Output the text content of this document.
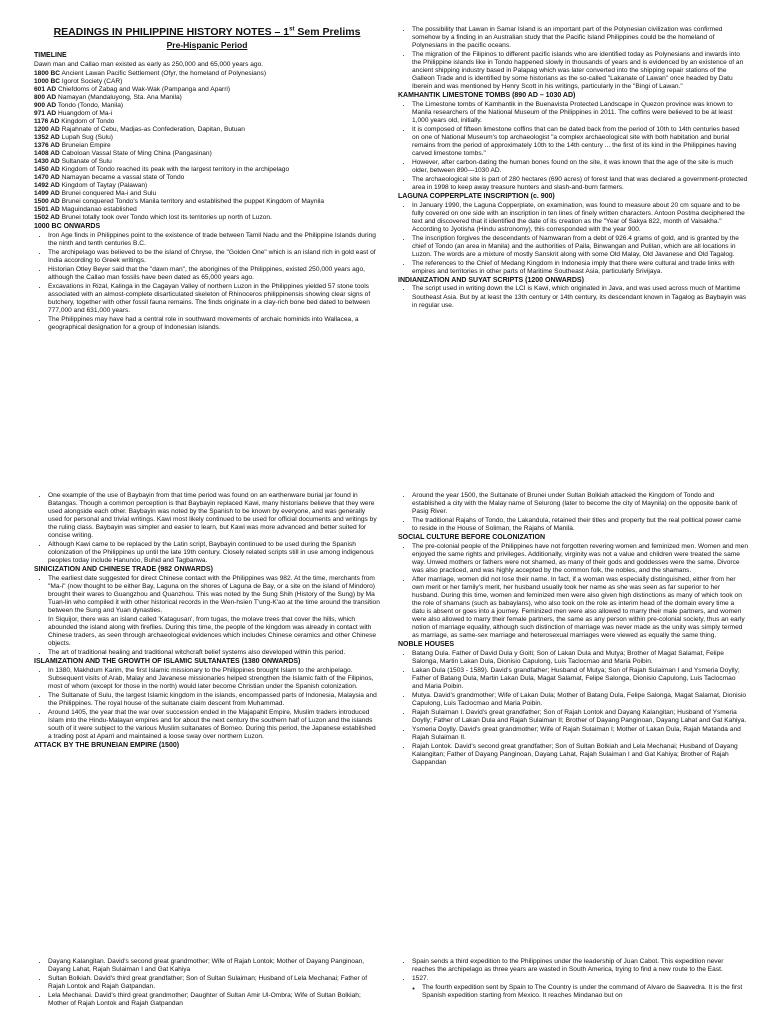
READINGS IN PHILIPPINE HISTORY NOTES – 1st Sem Prelims
Pre-Hispanic Period
TIMELINE

Dawn man and Callao man existed as early as 250,000 and 65,000 years ago.

1800 BC Ancient Lawan Pacific Settlement (Ofyr, the homeland of Polynesians)
1000 BC Igorot Society (CAR)
601 AD Chiefdoms of Zabag and Wak-Wak (Pampanga and Aparri)
800 AD Namayan (Mandaluyong, Sta. Ana Manila)
900 AD Tondo (Tondo, Manila)
971 AD Huangdom of Ma-i
1176 AD Kingdom of Tondo
1200 AD Rajahnate of Cebu, Madjas-as Confederation, Dapitan, Butuan
1352 AD Lupah Sug (Sulu)
1376 AD Bruneian Empire
1408 AD Caboloan Vassal State of Ming China (Pangasinan)
1430 AD Sultanate of Sulu
1450 AD Kingdom of Tondo reached its peak with the largest territory in the archipelago
1470 AD Namayan became a vassal state of Tondo
1492 AD Kingdom of Taytay (Palawan)
1499 AD Brunei conquered Ma-i and Sulu
1500 AD Brunei conquered Tondo's Manila territory and established the puppet Kingdom of Maynila
1501 AD Maguindanao established
1502 AD Brunei totally took over Tondo which lost its territories up north of Luzon.
1000 BC ONWARDS
• Iron Age finds in Philippines point to the existence of trade between Tamil Nadu and the Philippine Islands during the ninth and tenth centuries B.C.
• The archipelago was believed to be the island of Chryse, the "Golden One" which is an island rich in gold east of India according to Greek writings.
• Historian Otley Beyer said that the "dawn man", the aborigines of the Philippines, existed 250,000 years ago, although the Callao man fossils have been dated as 65,000 years ago.
• Excavations in Rizal, Kalinga in the Cagayan Valley of northern Luzon in the Philippines yielded 57 stone tools associated with an almost-complete disarticulated skeleton of Rhinoceros philippinensis showing clear signs of butchery, together with other fossil fauna remains. The finds originate in a clay-rich bone bed dated to between 777,000 and 631,000 years.
• The Philippines may have had a central role in southward movements of archaic hominids into Wallacea, a geographical designation for a group of Indonesian islands.
• The possibility that Lawan in Samar Island is an important part of the Polynesian civilization was confirmed somehow by a finding in an Australian study that the Pacific Island Philippines could be the homeland of Polynesians in the pacific oceans.
• The migration of the Filipinos to different pacific islands who are identified today as Polynesians and inwards into the Philippine islands like in Tondo happened slowly in thousands of years and is evidenced by an existence of an ancient shipping industry based in Palapag which was later converted into the shipping repair stations of the Galleon Trade and is identified by some historians as the so-called "Lakanate of Lawan" once headed by Datu Iberein and was mentioned by Henry Scott in his writings, particularly in the "Bingi of Lawan."
KAMHANTIK LIMESTONE TOMBS (890 AD – 1030 AD)
• The Limestone tombs of Kamhantik in the Buenavista Protected Landscape in Quezon province was known to Manila researchers of the National Museum of the Philippines in 2011. The coffins were believed to be at least 1,000 years old, initially.
• It is composed of fifteen limestone coffins that can be dated back from the period of 10th to 14th centuries based on one of National Museum's top archaeologist "a complex archaeological site with both habitation and burial remains from the period of approximately 10th to the 14th century ... the first of its kind in the Philippines having carved limestone tombs."
• However, after carbon-dating the human bones found on the site, it was known that the age of the site is much older, between 890—1030 AD.
• The archaeological site is part of 280 hectares (690 acres) of forest land that was declared a government-protected area in 1998 to keep away treasure hunters and slash-and-burn farmers.
LAGUNA COPPERPLATE INSCRIPTION (c. 900)
• In January 1990, the Laguna Copperplate, on examination, was found to measure about 20 cm square and to be fully covered on one side with an inscription in ten lines of finely written characters. Antoon Postma deciphered the text and discovered that it identified the date of its creation as the "Year of Sakya 822, month of Vaisakha." According to Jyotisha (Hindu astronomy), this corresponded with the year 900.
• The inscription forgives the descendants of Namwaran from a debt of 926.4 grams of gold, and is granted by the chief of Tondo (an area in Manila) and the authorities of Paila, Binwangan and Pulilan, which are all locations in Luzon. The words are a mixture of mostly Sanskrit along with some Old Malay, Old Javanese and Old Tagalog.
• The references to the Chief of Medang Kingdom in Indonesia imply that there were cultural and trade links with empires and territories in other parts of Maritime Southeast Asia, particularly Srivijaya.
INDIANIZATION AND SUYAT SCRIPTS (1200 ONWARDS)
• The script used in writing down the LCI is Kawi, which originated in Java, and was used across much of Maritime Southeast Asia. But by at least the 13th century or 14th century, its descendant known in Tagalog as Baybayin was in regular use.
• One example of the use of Baybayin from that time period was found on an earthenware burial jar found in Batangas. Though a common perception is that Baybayin replaced Kawi, many historians believe that they were used alongside each other. Baybayin was noted by the Spanish to be known by everyone, and was generally used for personal and trivial writings. Kawi most likely continued to be used for official documents and writings by the ruling class. Baybayin was simpler and easier to learn, but Kawi was more advanced and better suited for concise writing.
• Although Kawi came to be replaced by the Latin script, Baybayin continued to be used during the Spanish colonization of the Philippines up until the late 19th century. Closely related scripts still in use among indigenous peoples today include Hanunóo, Buhid and Tagbanwa.
SINICIZATION AND CHINESE TRADE (982 ONWARDS)
• The earliest date suggested for direct Chinese contact with the Philippines was 982. At the time, merchants from "Ma-i" (now thought to be either Bay, Laguna on the shores of Laguna de Bay, or a site on the island of Mindoro) brought their wares to Guangzhou and Quanzhou. This was noted by the Sung Shih (History of the Sung) by Ma Tuan-lin who compiled it with other historical records in the Wen-hsien T'ung-K'ao at the time around the transition between the Sung and Yuan dynasties.
• In Siquijor, there was an island called 'Katagusan', from tugas, the molave trees that cover the hills, which abounded the island along with fireflies. During this time, the people of the kingdom was already in contact with Chinese traders, as seen through archaeological evidences which includes Chinese ceramics and other Chinese objects.
• The art of traditional healing and traditional witchcraft belief systems also developed within this period.
ISLAMIZATION AND THE GROWTH OF ISLAMIC SULTANATES (1380 ONWARDS)
• In 1380, Makhdum Karim, the first Islamic missionary to the Philippines brought Islam to the archipelago. Subsequent visits of Arab, Malay and Javanese missionaries helped strengthen the Islamic faith of the Filipinos, most of whom (except for those in the north) would later become Christian under the Spanish colonization.
• The Sultanate of Sulu, the largest Islamic kingdom in the islands, encompassed parts of Indonesia, Malaysia and the Philippines. The royal house of the sultanate claim descent from Muhammad.
• Around 1405, the year that the war over succession ended in the Majapahit Empire, Muslim traders introduced Islam into the Hindu-Malayan empires and for about the next century the southern half of Luzon and the islands south of it were subject to the various Muslim sultanates of Borneo. During this period, the Japanese established a trading post at Aparri and maintained a loose sway over northern Luzon.
ATTACK BY THE BRUNEIAN EMPIRE (1500)
• Around the year 1500, the Sultanate of Brunei under Sultan Bolkiah attacked the Kingdom of Tondo and established a city with the Malay name of Selurong (later to become the city of Maynila) on the opposite bank of Pasig River.
• The traditional Rajahs of Tondo, the Lakandula, retained their titles and property but the real political power came to reside in the House of Soliman, the Rajahs of Manila.
SOCIAL CULTURE BEFORE COLONIZATION
• The pre-colonial people of the Philippines have not forgotten revering women and feminized men. Women and men enjoyed the same rights and privileges. Additionally, virginity was not a value and children were treated the same way. Unwed mothers or fathers were not shamed, as many of their gods and goddesses were the same. Divorce was also practiced, and was highly accepted by the common folk, the nobles, and the shamans.
• After marriage, women did not lose their name. In fact, if a woman was especially distinguished, either from her own merit or her family's merit, her husband usually took her name as she was seen as far superior to her husband. During this time, women and feminized men were also given high distinctions as many of which took on the role of shamans (such as babaylans), who also took on the role as interim head of the domain every time a datu is absent or goes into a journey. Feminized men were also allowed to marry their male partners, and women were also allowed to marry their female partners, the same as any person within pre-colonial society, thus an early notion of marriage equality, although such distinction of marriage was never made as the unity was simply termed as marriage, as same-sex marriage and heterosexual marriages were viewed as equally the same thing.
NOBLE HOUSES
• Batang Dula. Father of David Dula y Goiti; Son of Lakan Dula and Mutya; Brother of Magat Salamat, Felipe Salonga, Martin Lakan Dula, Dionisio Capulong, Luis Taclocmao and Maria Poibin.
• Lakan Dula (1503 - 1589). David's grandfather; Husband of Mutya; Son of Rajah Sulaiman I and Ysmeria Doylly; Father of Batang Dula, Martin Lakan Dula, Magat Salamat, Felipe Salonga, Dionisio Capulong, Luis Taclocmao and Maria Poibin.
• Mutya. David's grandmother; Wife of Lakan Dula; Mother of Batang Dula, Felipe Salonga, Magat Salamat, Dionisio Capulong, Luis Taclocmao and Maria Poibin.
• Rajah Sulaiman I. David's great grandfather; Son of Rajah Lontok and Dayang Kalangitan; Husband of Ysmeria Doylly; Father of Lakan Dula and Rajah Sulaiman II; Brother of Dayang Panginoan, Dayang Lahat and Gat Kahiya.
• Ysmeria Doylly. David's great grandmother; Wife of Rajah Sulaiman I; Mother of Lakan Dula, Rajah Matanda and Rajah Sulaiman II.
• Rajah Lontok. David's second great grandfather; Son of Sultan Bolkiah and Lela Mechanai; Husband of Dayang Kalangitan; Father of Dayang Panginoan, Dayang Lahat, Rajah Sulaiman I and Gat Kahiya; Brother of Rajah Gappandan
• Dayang Kalangitan. David's second great grandmother; Wife of Rajah Lontok; Mother of Dayang Panginoan, Dayang Lahat, Rajah Sulaiman I and Gat Kahiya
• Sultan Bolkiah. David's third great grandfather; Son of Sultan Sulaiman; Husband of Lela Mechanai; Father of Rajah Lontok and Rajah Gatpandan.
• Lela Mechanai. David's third great grandmother; Daughter of Sultan Amir Ul-Ombra; Wife of Sultan Bolkiah; Mother of Rajah Lontok and Rajah Gatpandan
• Spain sends a third expedition to the Philippines under the leadership of Juan Cabot. This expedition never reaches the archipelago as three years are wasted in South America, trying to find a new route to the East.
• 1527.
◦ The fourth expedition sent by Spain to The Country is under the command of Alvaro de Saavedra. It is the first Spanish expedition starting from Mexico. It reaches Mindanao but on
